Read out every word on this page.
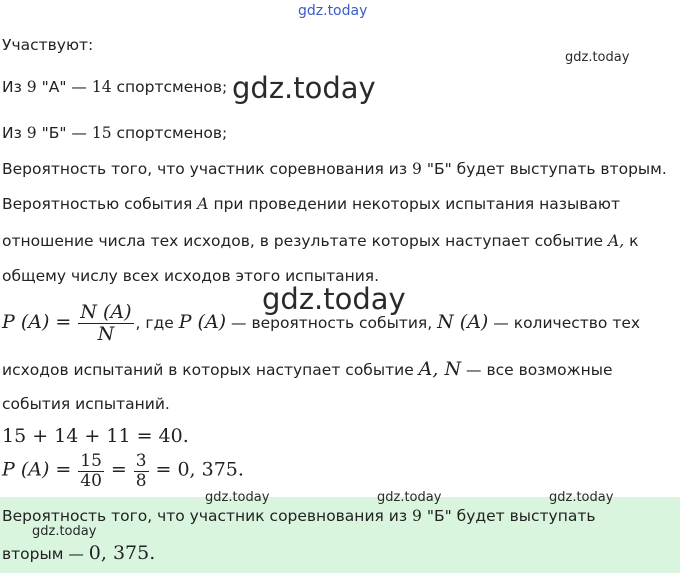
gdz.today
gdz.today
gdz.today
gdz.today
Участвуют:
Из 9 "А" — 14 спортсменов;
Из 9 "Б" — 15 спортсменов;
Вероятность того, что участник соревнования из 9 "Б" будет выступать вторым.
Вероятностью события A при проведении некоторых испытания называют
отношение числа тех исходов, в результате которых наступает событие A, к
общему числу всех исходов этого испытания.
P $(A) = \frac{N (A)}{N}$ , где P (A) — вероятность события, N (A) — количество тех
исходов испытаний в которых наступает событие A, N — все возможные
события испытаний.
15 + 14 + 11 = 40.
P $(A) = \frac{15}{40} = \frac{3}{8} = 0$, 375.
Вероятность того, что участник соревнования из 9 "Б" будет выступать
вторым — 0, 375.
gdz.today	gdz.today	gdz.today
gdz.today
